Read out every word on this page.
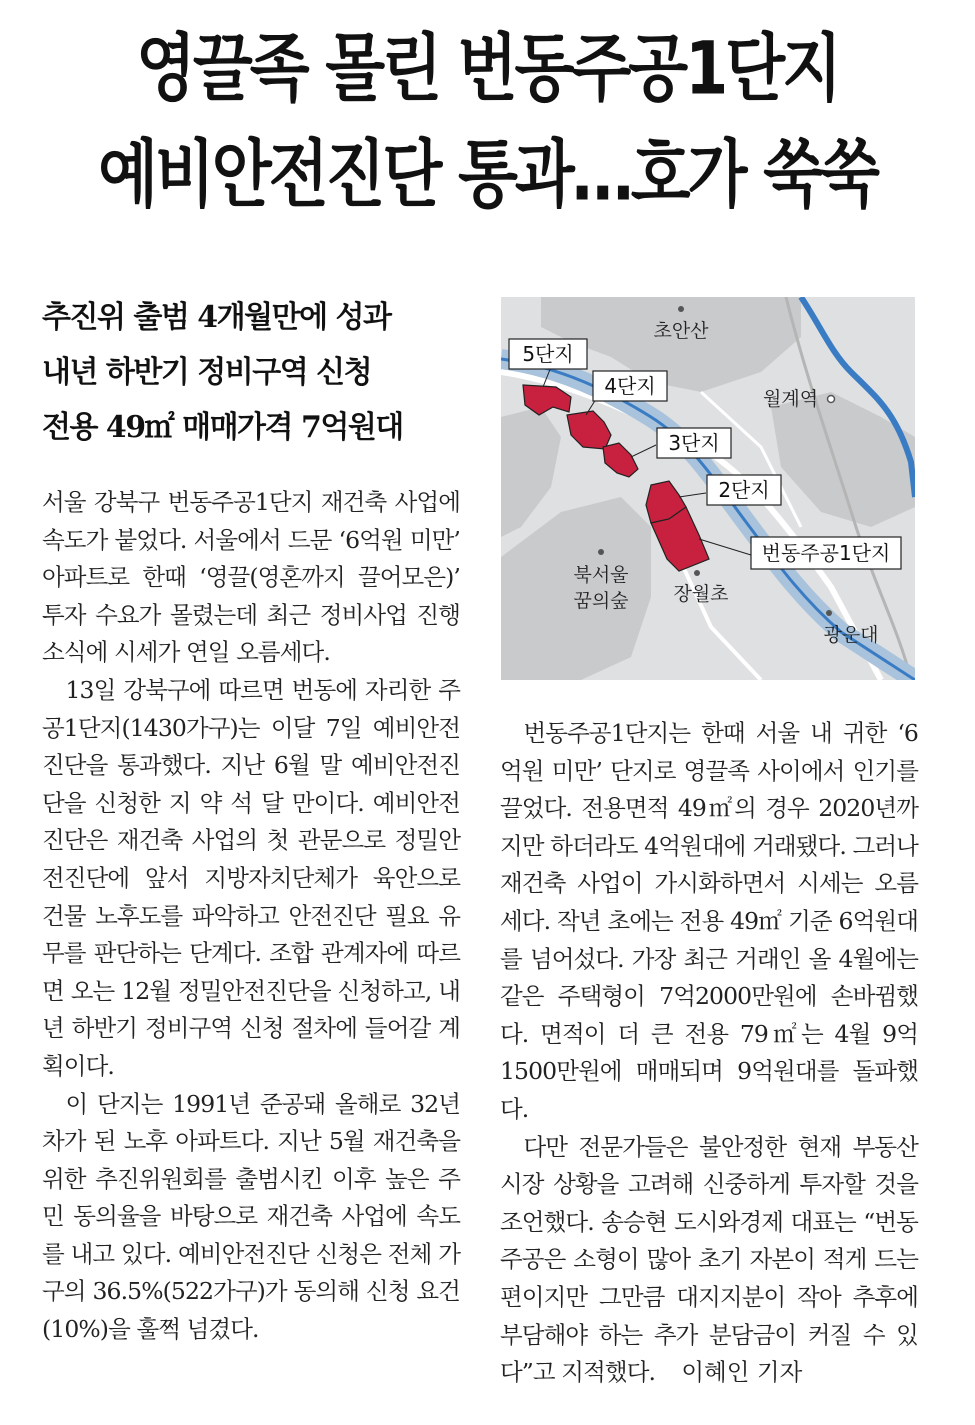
영끌족 몰린 번동주공1단지
예비안전진단 통과…호가 쑥쑥
추진위 출범 4개월만에 성과
내년 하반기 정비구역 신청
전용 49㎡ 매매가격 7억원대
5단지
4단지
3단지
2단지
번동주공1단지
초안산
월계역
북서울
꿈의숲 장월초
광운대

서울 강북구 번동주공1단지 재건축 사업에 속도가 붙었다. 서울에서 드문 ‘6억원 미만’ 아파트로 한때 ‘영끌(영혼까지 끌어모은)’ 투자 수요가 몰렸는데 최근 정비사업 진행 소식에 시세가 연일 오름세다.

13일 강북구에 따르면 번동에 자리한 주공1단지(1430가구)는 이달 7일 예비안전진단을 통과했다. 지난 6월 말 예비안전진단을 신청한 지 약 석 달 만이다. 예비안전진단은 재건축 사업의 첫 관문으로 정밀안전진단에 앞서 지방자치단체가 육안으로 건물 노후도를 파악하고 안전진단 필요 유무를 판단하는 단계다. 조합 관계자에 따르면 오는 12월 정밀안전진단을 신청하고, 내년 하반기 정비구역 신청 절차에 들어갈 계획이다.

이 단지는 1991년 준공돼 올해로 32년 차가 된 노후 아파트다. 지난 5월 재건축을 위한 추진위원회를 출범시킨 이후 높은 주민 동의율을 바탕으로 재건축 사업에 속도를 내고 있다. 예비안전진단 신청은 전체 가구의 36.5%(522가구)가 동의해 신청 요건(10%)을 훌쩍 넘겼다.

번동주공1단지는 한때 서울 내 귀한 ‘6억원 미만’ 단지로 영끌족 사이에서 인기를 끌었다. 전용면적 49㎡의 경우 2020년까지만 하더라도 4억원대에 거래됐다. 그러나 재건축 사업이 가시화하면서 시세는 오름세다. 작년 초에는 전용 49㎡ 기준 6억원대를 넘어섰다. 가장 최근 거래인 올 4월에는 같은 주택형이 7억2000만원에 손바뀜했다. 면적이 더 큰 전용 79㎡는 4월 9억1500만원에 매매되며 9억원대를 돌파했다.

다만 전문가들은 불안정한 현재 부동산 시장 상황을 고려해 신중하게 투자할 것을 조언했다. 송승현 도시와경제 대표는 “번동주공은 소형이 많아 초기 자본이 적게 드는 편이지만 그만큼 대지지분이 작아 추후에 부담해야 하는 추가 분담금이 커질 수 있다”고 지적했다. 이혜인 기자
